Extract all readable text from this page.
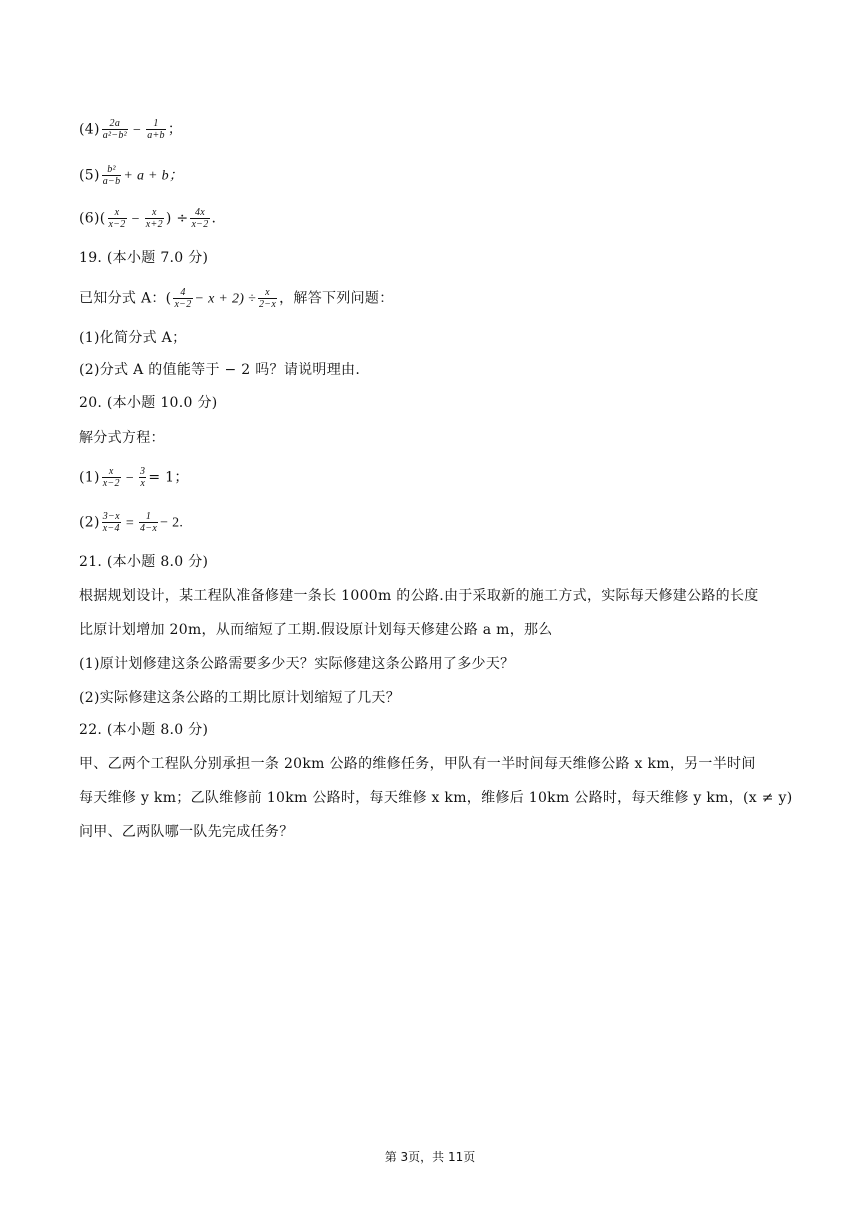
$(4) \frac{2a}{\text{a²−b²}} - \frac{1}{a+b}$ ；
$(5) \frac{\text{b²}}{a-b} + a + b$；
$(6)( \frac{x}{x-2} - \frac{x}{x+2}$ ) ÷ $\frac{4x}{x-2}$ .
19. (本小题 7.0 分)
已知分式 A：( $\frac{4}{x-2} - x + 2) \div \frac{x}{2-x}$ ，解答下列问题：
(1)化简分式 A；
(2)分式 A 的值能等于 − 2 吗？请说明理由.
20. (本小题 10.0 分)
解分式方程：
$(1) \frac{x}{x-2} - \frac{3}{x} = 1$；
$(2) \frac{3-x}{x-4} = \frac{1}{4-x} - 2$.
21. (本小题 8.0 分)
根据规划设计，某工程队准备修建一条长 1000m 的公路.由于采取新的施工方式，实际每天修建公路的长度
比原计划增加 20m，从而缩短了工期.假设原计划每天修建公路 a m，那么
(1)原计划修建这条公路需要多少天？实际修建这条公路用了多少天？
(2)实际修建这条公路的工期比原计划缩短了几天？
22. (本小题 8.0 分)
甲、乙两个工程队分别承担一条 20km 公路的维修任务，甲队有一半时间每天维修公路 x km，另一半时间
每天维修 y km；乙队维修前 10km 公路时，每天维修 x km，维修后 10km 公路时，每天维修 y km，(x ≠ y)
问甲、乙两队哪一队先完成任务？
第 3页，共 11页
